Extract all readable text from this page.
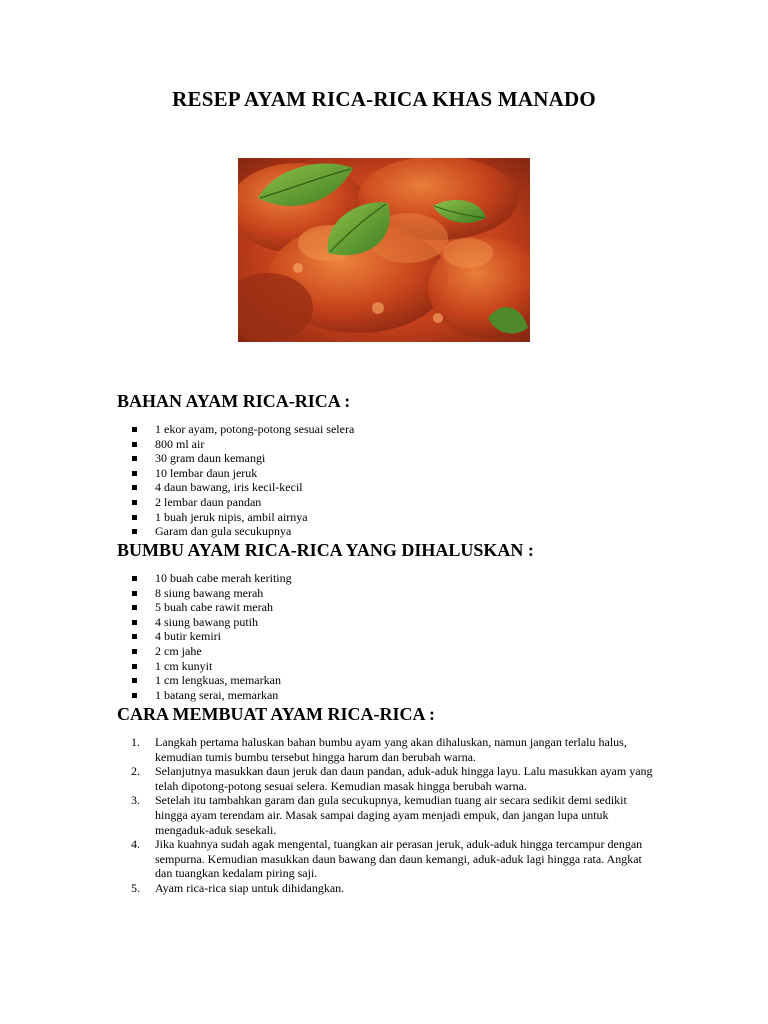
RESEP AYAM RICA-RICA KHAS MANADO
BAHAN AYAM RICA-RICA :
1 ekor ayam, potong-potong sesuai selera
800 ml air
30 gram daun kemangi
10 lembar daun jeruk
4 daun bawang, iris kecil-kecil
2 lembar daun pandan
1 buah jeruk nipis, ambil airnya
Garam dan gula secukupnya
BUMBU AYAM RICA-RICA YANG DIHALUSKAN :
10 buah cabe merah keriting
8 siung bawang merah
5 buah cabe rawit merah
4 siung bawang putih
4 butir kemiri
2 cm jahe
1 cm kunyit
1 cm lengkuas, memarkan
1 batang serai, memarkan
CARA MEMBUAT AYAM RICA-RICA :
1. Langkah pertama haluskan bahan bumbu ayam yang akan dihaluskan, namun jangan terlalu halus, kemudian tumis bumbu tersebut hingga harum dan berubah warna.
2. Selanjutnya masukkan daun jeruk dan daun pandan, aduk-aduk hingga layu. Lalu masukkan ayam yang telah dipotong-potong sesuai selera. Kemudian masak hingga berubah warna.
3. Setelah itu tambahkan garam dan gula secukupnya, kemudian tuang air secara sedikit demi sedikit hingga ayam terendam air. Masak sampai daging ayam menjadi empuk, dan jangan lupa untuk mengaduk-aduk sesekali.
4. Jika kuahnya sudah agak mengental, tuangkan air perasan jeruk, aduk-aduk hingga tercampur dengan sempurna. Kemudian masukkan daun bawang dan daun kemangi, aduk-aduk lagi hingga rata. Angkat dan tuangkan kedalam piring saji.
5. Ayam rica-rica siap untuk dihidangkan.
